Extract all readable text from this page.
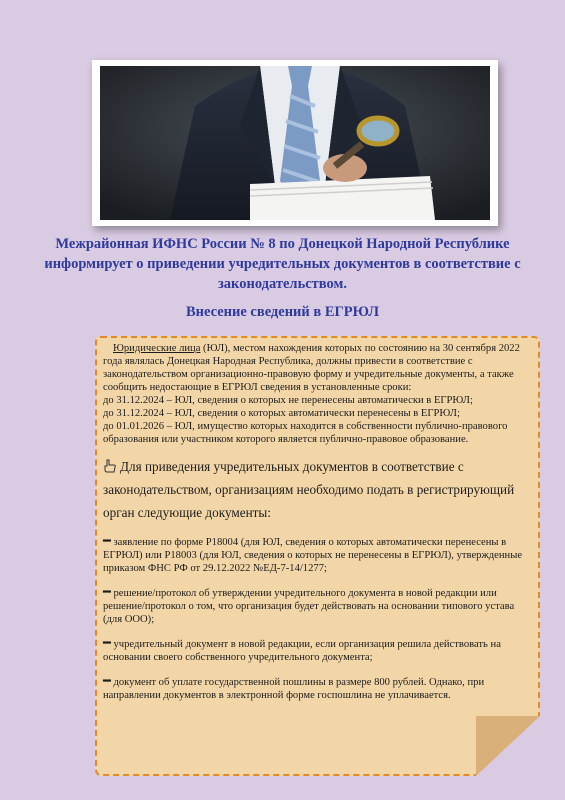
Межрайонная ИФНС России № 8 по Донецкой Народной Республике информирует о приведении учредительных документов в соответствие с законодательством.
Внесение сведений в ЕГРЮЛ

Юридические лица (ЮЛ), местом нахождения которых по состоянию на 30 сентября 2022 года являлась Донецкая Народная Республика, должны привести в соответствие с законодательством организационно-правовую форму и учредительные документы, а также сообщить недостающие в ЕГРЮЛ сведения в установленные сроки:

до 31.12.2024 – ЮЛ, сведения о которых не перенесены автоматически в ЕГРЮЛ;

до 31.12.2024 – ЮЛ, сведения о которых автоматически перенесены в ЕГРЮЛ;

до 01.01.2026 – ЮЛ, имущество которых находится в собственности публично-правового образования или участником которого является публично-правовое образование.

Для приведения учредительных документов в соответствие с законодательством, организациям необходимо подать в регистрирующий орган следующие документы:

━ заявление по форме Р18004 (для ЮЛ, сведения о которых автоматически перенесены в ЕГРЮЛ) или Р18003 (для ЮЛ, сведения о которых не перенесены в ЕГРЮЛ), утвержденные приказом ФНС РФ от 29.12.2022 №ЕД-7-14/1277;

━ решение/протокол об утверждении учредительного документа в новой редакции или решение/протокол о том, что организация будет действовать на основании типового устава (для ООО);

━ учредительный документ в новой редакции, если организация решила действовать на основании своего собственного учредительного документа;

━ документ об уплате государственной пошлины в размере 800 рублей. Однако, при направлении документов в электронной форме госпошлина не уплачивается.
